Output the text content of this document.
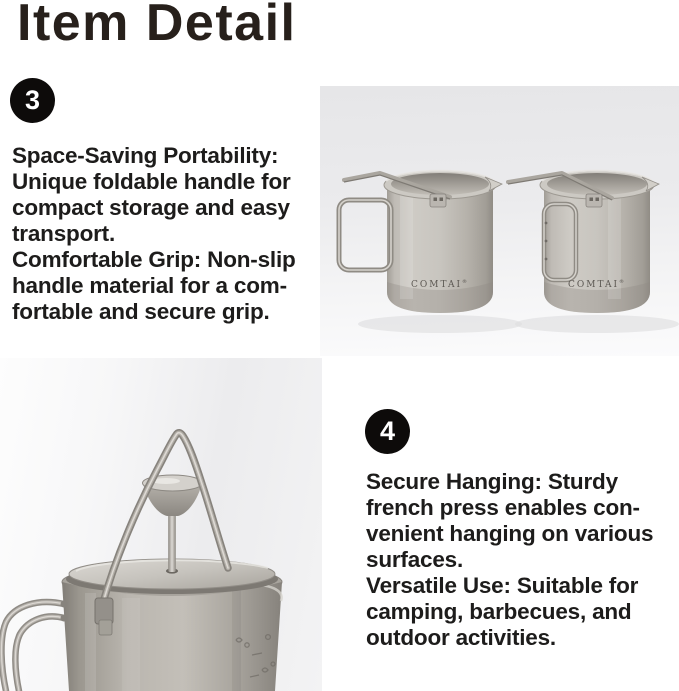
Item Detail
3
Space-Saving Portability:
Unique foldable handle for
compact storage and easy
transport.
Comfortable Grip: Non-slip
handle material for a com-
fortable and secure grip.
COMTAI®	COMTAI®
4
Secure Hanging: Sturdy
french press enables con-
venient hanging on various
surfaces.
Versatile Use: Suitable for
camping, barbecues, and
outdoor activities.
